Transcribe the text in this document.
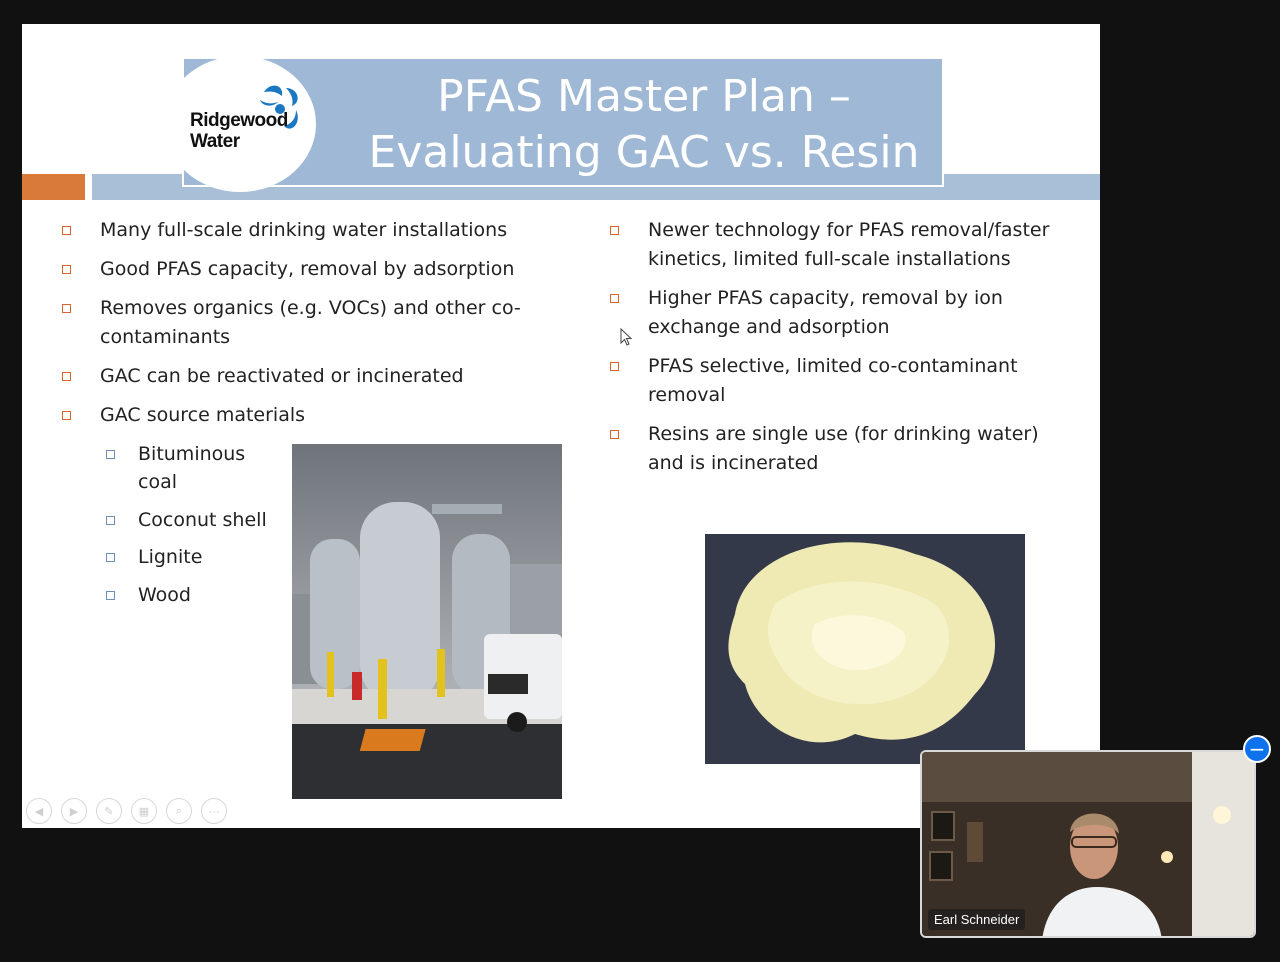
PFAS Master Plan –
Evaluating GAC vs. Resin
Ridgewood
Water
Many full-scale drinking water installations
Good PFAS capacity, removal by adsorption
Removes organics (e.g. VOCs) and other co-contaminants
GAC can be reactivated or incinerated
GAC source materials
Bituminous coal
Coconut shell
Lignite
Wood
Newer technology for PFAS removal/faster kinetics, limited full-scale installations
Higher PFAS capacity, removal by ion exchange and adsorption
PFAS selective, limited co-contaminant removal
Resins are single use (for drinking water) and is incinerated
◀	▶	✎	▦	⌕	⋯
Earl Schneider
−
